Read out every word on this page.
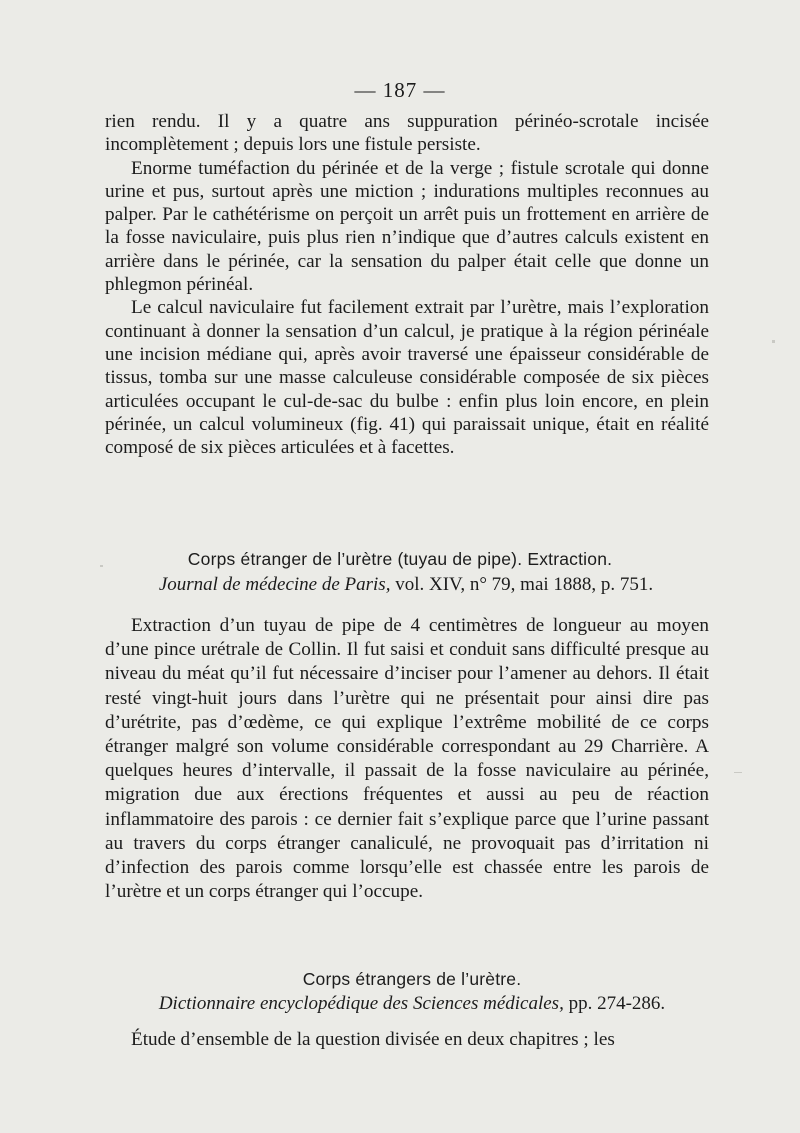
— 187 —

rien rendu. Il y a quatre ans suppuration périnéo-scrotale incisée incomplètement ; depuis lors une fistule persiste.

Enorme tuméfaction du périnée et de la verge ; fistule scrotale qui donne urine et pus, surtout après une miction ; indurations multiples reconnues au palper. Par le cathétérisme on perçoit un arrêt puis un frottement en arrière de la fosse naviculaire, puis plus rien n’indique que d’autres calculs existent en arrière dans le périnée, car la sensation du palper était celle que donne un phlegmon périnéal.

Le calcul naviculaire fut facilement extrait par l’urètre, mais l’exploration continuant à donner la sensation d’un calcul, je pratique à la région périnéale une incision médiane qui, après avoir traversé une épaisseur considérable de tissus, tomba sur une masse calculeuse considérable composée de six pièces articulées occupant le cul-de-sac du bulbe : enfin plus loin encore, en plein périnée, un calcul volumineux (fig. 41) qui paraissait unique, était en réalité composé de six pièces articulées et à facettes.

Corps étranger de l’urètre (tuyau de pipe). Extraction.
Journal de médecine de Paris, vol. XIV, n° 79, mai 1888, p. 751.

Extraction d’un tuyau de pipe de 4 centimètres de longueur au moyen d’une pince urétrale de Collin. Il fut saisi et conduit sans difficulté presque au niveau du méat qu’il fut nécessaire d’inciser pour l’amener au dehors. Il était resté vingt-huit jours dans l’urètre qui ne présentait pour ainsi dire pas d’urétrite, pas d’œdème, ce qui explique l’extrême mobilité de ce corps étranger malgré son volume considérable correspondant au 29 Charrière. A quelques heures d’intervalle, il passait de la fosse naviculaire au périnée, migration due aux érections fréquentes et aussi au peu de réaction inflammatoire des parois : ce dernier fait s’explique parce que l’urine passant au travers du corps étranger canaliculé, ne provoquait pas d’irritation ni d’infection des parois comme lorsqu’elle est chassée entre les parois de l’urètre et un corps étranger qui l’occupe.

Corps étrangers de l’urètre.
Dictionnaire encyclopédique des Sciences médicales, pp. 274-286.

Étude d’ensemble de la question divisée en deux chapitres ; les
